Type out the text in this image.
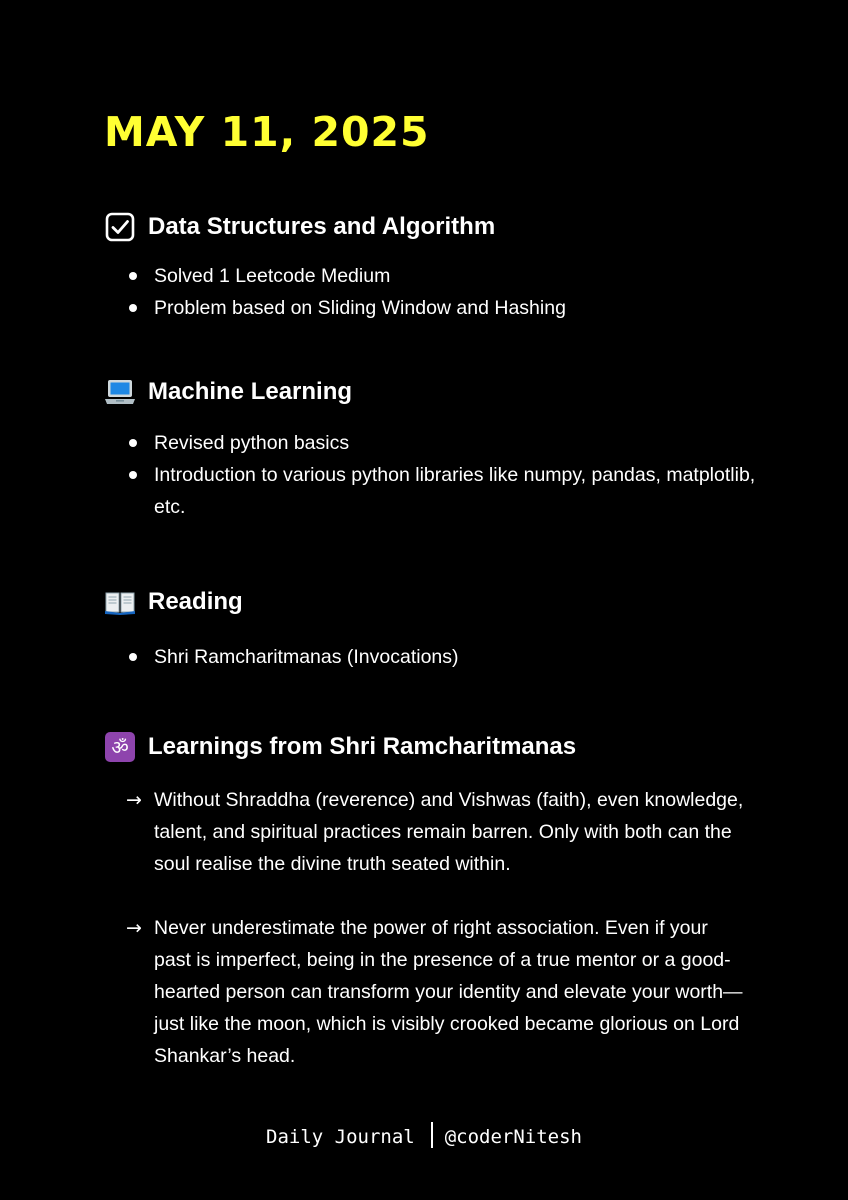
MAY 11, 2025
Data Structures and Algorithm
Solved 1 Leetcode Medium
Problem based on Sliding Window and Hashing
Machine Learning
Revised python basics
Introduction to various python libraries like numpy, pandas, matplotlib, etc.
Reading
Shri Ramcharitmanas (Invocations)
ॐ Learnings from Shri Ramcharitmanas
→ Without Shraddha (reverence) and Vishwas (faith), even knowledge, talent, and spiritual practices remain barren. Only with both can the soul realise the divine truth seated within.
→ Never underestimate the power of right association. Even if your past is imperfect, being in the presence of a true mentor or a good-hearted person can transform your identity and elevate your worth—just like the moon, which is visibly crooked became glorious on Lord Shankar’s head.
Daily Journal @coderNitesh
